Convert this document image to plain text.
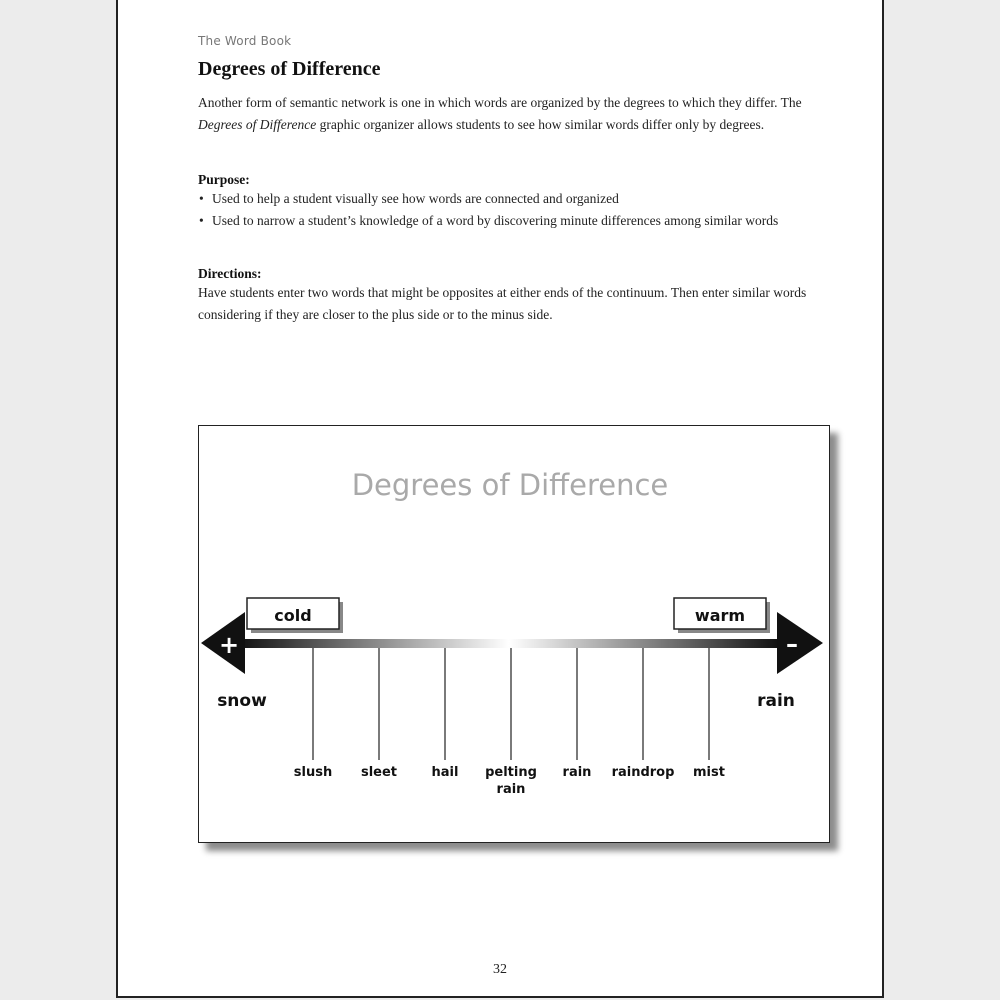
The Word Book
Degrees of Difference

Another form of semantic network is one in which words are organized by the degrees to which they differ. The Degrees of Difference graphic organizer allows students to see how similar words differ only by degrees.

Purpose:

• Used to help a student visually see how words are connected and organized
• Used to narrow a student’s knowledge of a word by discovering minute differences among similar words

Directions:

Have students enter two words that might be opposites at either ends of the continuum. Then enter similar words considering if they are closer to the plus side or to the minus side.

Degrees of Difference
+	–
cold	warm
snow	rain
slush sleet	hail pelting
rain
rain raindrop mist
32
